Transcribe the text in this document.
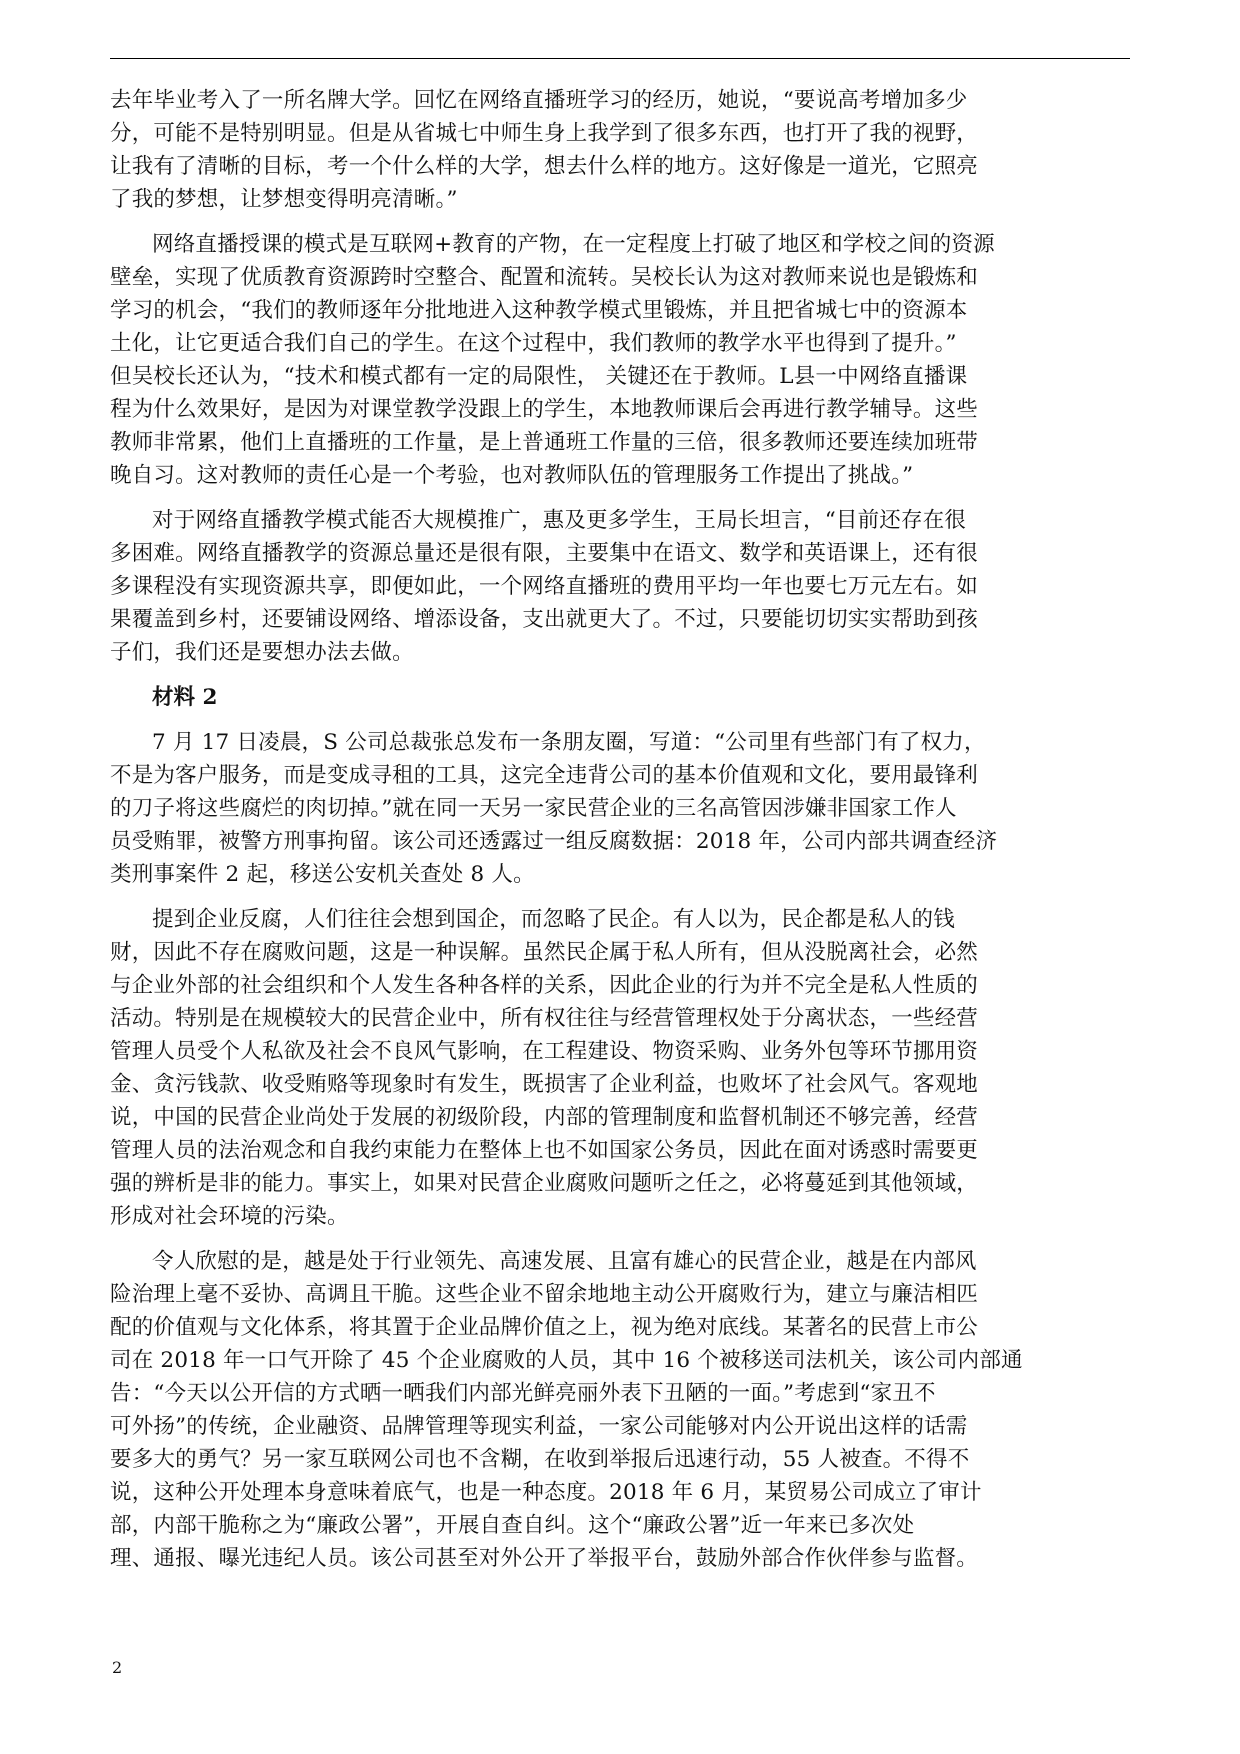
去年毕业考入了一所名牌大学。回忆在网络直播班学习的经历，她说，“要说高考增加多少
分，可能不是特别明显。但是从省城七中师生身上我学到了很多东西，也打开了我的视野，
让我有了清晰的目标，考一个什么样的大学，想去什么样的地方。这好像是一道光，它照亮
了我的梦想，让梦想变得明亮清晰。”

网络直播授课的模式是互联网+教育的产物，在一定程度上打破了地区和学校之间的资源
壁垒，实现了优质教育资源跨时空整合、配置和流转。吴校长认为这对教师来说也是锻炼和
学习的机会，“我们的教师逐年分批地进入这种教学模式里锻炼，并且把省城七中的资源本
土化，让它更适合我们自己的学生。在这个过程中，我们教师的教学水平也得到了提升。”
但吴校长还认为，“技术和模式都有一定的局限性， 关键还在于教师。L县一中网络直播课
程为什么效果好，是因为对课堂教学没跟上的学生，本地教师课后会再进行教学辅导。这些
教师非常累，他们上直播班的工作量，是上普通班工作量的三倍，很多教师还要连续加班带
晚自习。这对教师的责任心是一个考验，也对教师队伍的管理服务工作提出了挑战。”

对于网络直播教学模式能否大规模推广，惠及更多学生，王局长坦言，“目前还存在很
多困难。网络直播教学的资源总量还是很有限，主要集中在语文、数学和英语课上，还有很
多课程没有实现资源共享，即便如此，一个网络直播班的费用平均一年也要七万元左右。如
果覆盖到乡村，还要铺设网络、增添设备，支出就更大了。不过，只要能切切实实帮助到孩
子们，我们还是要想办法去做。

材料 2

7 月 17 日凌晨，S 公司总裁张总发布一条朋友圈，写道：“公司里有些部门有了权力，
不是为客户服务，而是变成寻租的工具，这完全违背公司的基本价值观和文化，要用最锋利
的刀子将这些腐烂的肉切掉。”就在同一天另一家民营企业的三名高管因涉嫌非国家工作人
员受贿罪，被警方刑事拘留。该公司还透露过一组反腐数据：2018 年，公司内部共调查经济
类刑事案件 2 起，移送公安机关查处 8 人。

提到企业反腐，人们往往会想到国企，而忽略了民企。有人以为，民企都是私人的钱
财，因此不存在腐败问题，这是一种误解。虽然民企属于私人所有，但从没脱离社会，必然
与企业外部的社会组织和个人发生各种各样的关系，因此企业的行为并不完全是私人性质的
活动。特别是在规模较大的民营企业中，所有权往往与经营管理权处于分离状态，一些经营
管理人员受个人私欲及社会不良风气影响，在工程建设、物资采购、业务外包等环节挪用资
金、贪污钱款、收受贿赂等现象时有发生，既损害了企业利益，也败坏了社会风气。客观地
说，中国的民营企业尚处于发展的初级阶段，内部的管理制度和监督机制还不够完善，经营
管理人员的法治观念和自我约束能力在整体上也不如国家公务员，因此在面对诱惑时需要更
强的辨析是非的能力。事实上，如果对民营企业腐败问题听之任之，必将蔓延到其他领域，
形成对社会环境的污染。

令人欣慰的是，越是处于行业领先、高速发展、且富有雄心的民营企业，越是在内部风
险治理上毫不妥协、高调且干脆。这些企业不留余地地主动公开腐败行为，建立与廉洁相匹
配的价值观与文化体系，将其置于企业品牌价值之上，视为绝对底线。某著名的民营上市公
司在 2018 年一口气开除了 45 个企业腐败的人员，其中 16 个被移送司法机关，该公司内部通
告：“今天以公开信的方式晒一晒我们内部光鲜亮丽外表下丑陋的一面。”考虑到“家丑不
可外扬”的传统，企业融资、品牌管理等现实利益，一家公司能够对内公开说出这样的话需
要多大的勇气？另一家互联网公司也不含糊，在收到举报后迅速行动，55 人被查。不得不
说，这种公开处理本身意味着底气，也是一种态度。2018 年 6 月，某贸易公司成立了审计
部，内部干脆称之为“廉政公署”，开展自查自纠。这个“廉政公署”近一年来已多次处
理、通报、曝光违纪人员。该公司甚至对外公开了举报平台，鼓励外部合作伙伴参与监督。

2
